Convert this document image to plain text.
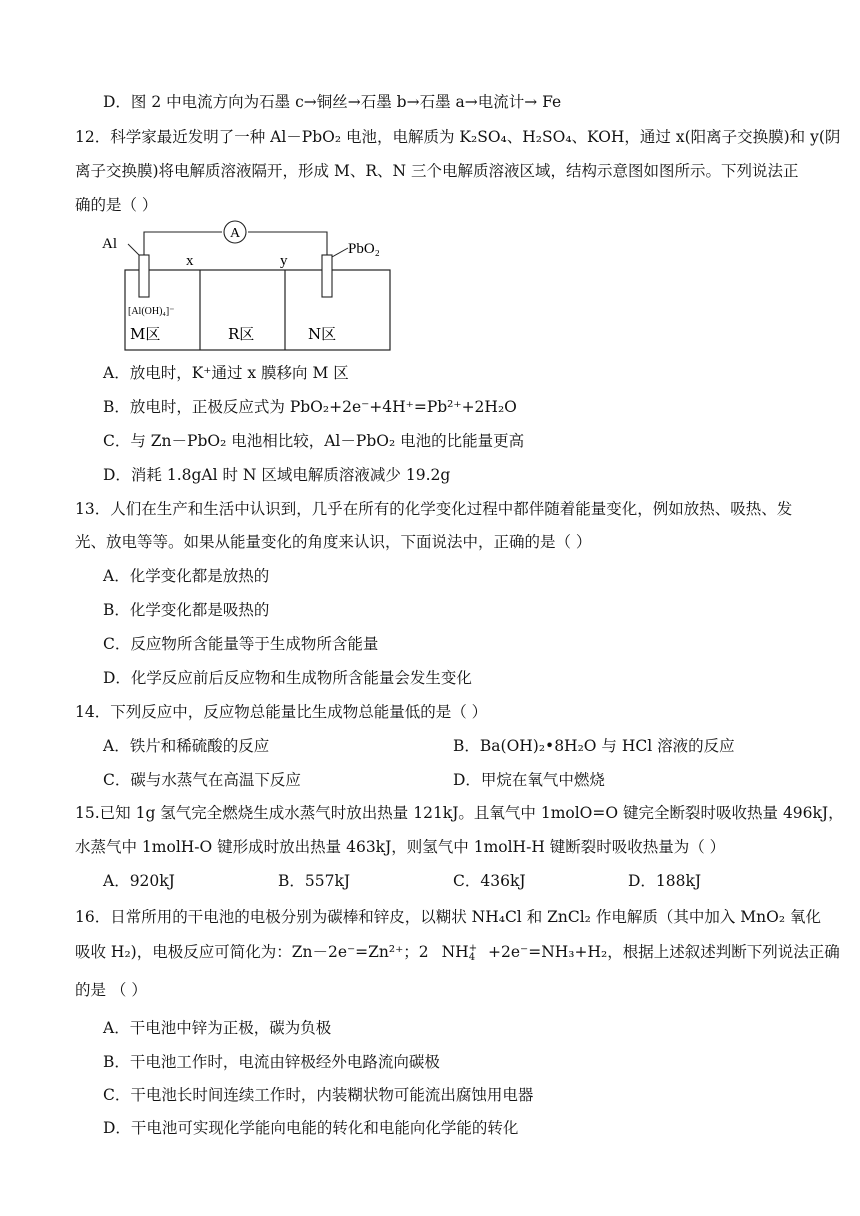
D．图 2 中电流方向为石墨 c→铜丝→石墨 b→石墨 a→电流计→ Fe
12．科学家最近发明了一种 Al－PbO₂ 电池，电解质为 K₂SO₄、H₂SO₄、KOH，通过 x(阳离子交换膜)和 y(阴
离子交换膜)将电解质溶液隔开，形成 M、R、N 三个电解质溶液区域，结构示意图如图所示。下列说法正
确的是（ ）
A
Al	PbO₂
x	y
[Al(OH)₄]⁻
M区	R区	N区
A．放电时，K⁺通过 x 膜移向 M 区
B．放电时，正极反应式为 PbO₂+2e⁻+4H⁺=Pb²⁺+2H₂O
C．与 Zn－PbO₂ 电池相比较，Al－PbO₂ 电池的比能量更高
D．消耗 1.8gAl 时 N 区域电解质溶液减少 19.2g
13．人们在生产和生活中认识到，几乎在所有的化学变化过程中都伴随着能量变化，例如放热、吸热、发
光、放电等等。如果从能量变化的角度来认识，下面说法中，正确的是（ ）
A．化学变化都是放热的
B．化学变化都是吸热的
C．反应物所含能量等于生成物所含能量
D．化学反应前后反应物和生成物所含能量会发生变化
14．下列反应中，反应物总能量比生成物总能量低的是（ ）
A．铁片和稀硫酸的反应	B．Ba(OH)₂•8H₂O 与 HCl 溶液的反应
C．碳与水蒸气在高温下反应	D．甲烷在氧气中燃烧
15.已知 1g 氢气完全燃烧生成水蒸气时放出热量 121kJ。且氧气中 1molO=O 键完全断裂时吸收热量 496kJ，
水蒸气中 1molH-O 键形成时放出热量 463kJ，则氢气中 1molH-H 键断裂时吸收热量为（ ）
A．920kJ	B．557kJ	C．436kJ	D．188kJ
16．日常所用的干电池的电极分别为碳棒和锌皮，以糊状 NH₄Cl 和 ZnCl₂ 作电解质（其中加入 MnO₂ 氧化
吸收 H₂)，电极反应可简化为：Zn－2e⁻=Zn²⁺；2 NH +
4 +2e⁻=NH₃+H₂，根据上述叙述判断下列说法正确
的是 （ ）
A．干电池中锌为正极，碳为负极
B．干电池工作时，电流由锌极经外电路流向碳极
C．干电池长时间连续工作时，内装糊状物可能流出腐蚀用电器
D．干电池可实现化学能向电能的转化和电能向化学能的转化
